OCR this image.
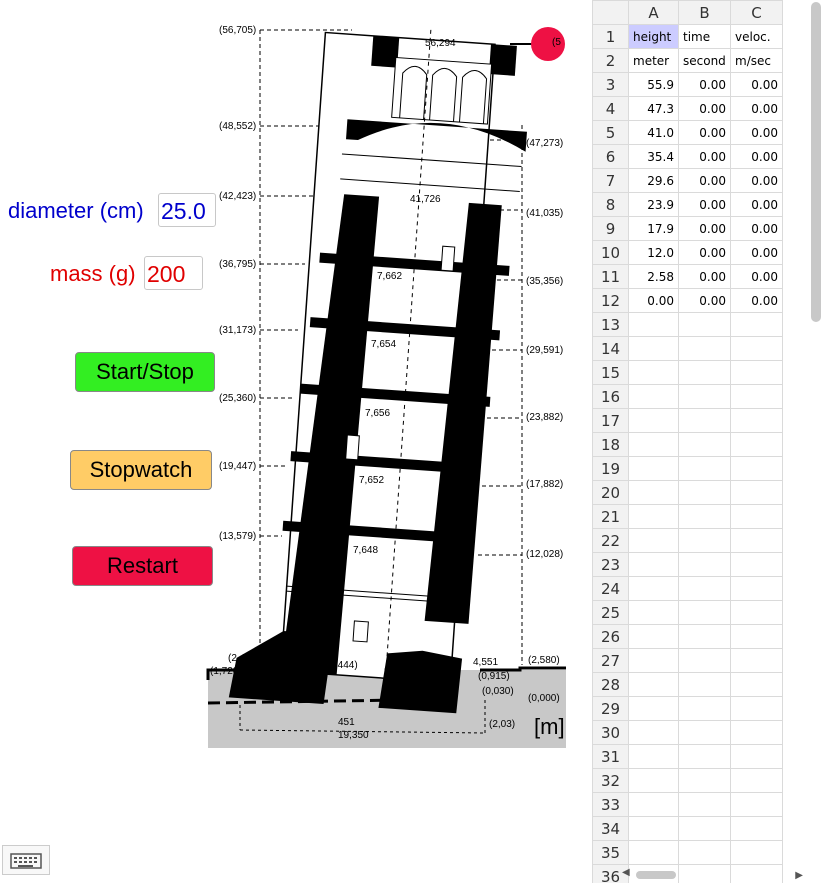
(56,705)
(48,552)
(42,423)
(36,795)
(31,173)
(25,360)
(19,447)
(13,579)
(2,496)
(1,720)
(47,273)
(41,035)
(35,356)
(29,591)
(23,882)
(17,882)
(12,028)
(2,580)
(0,000)
56,294
41,726
7,662
7,654
7,656
7,652
7,648
(2,444)	(1,555)
4,551
(0,915)
(0,030)
(2,03)
451
19,350
(5
[m]
diameter (cm) 25.0
mass (g) 200
Start/Stop
Stopwatch
Restart
	A	B	C
1	height	time	veloc.
2	meter	second	m/sec
3	55.9	0.00	0.00
4	47.3	0.00	0.00
5	41.0	0.00	0.00
6	35.4	0.00	0.00
7	29.6	0.00	0.00
8	23.9	0.00	0.00
9	17.9	0.00	0.00
10	12.0	0.00	0.00
11	2.58	0.00	0.00
12	0.00	0.00	0.00
13			
14			
15			
16			
17			
18			
19			
20			
21			
22			
23			
24			
25			
26			
27			
28			
29			
30			
31			
32			
33			
34			
35			
36			◀	▶
